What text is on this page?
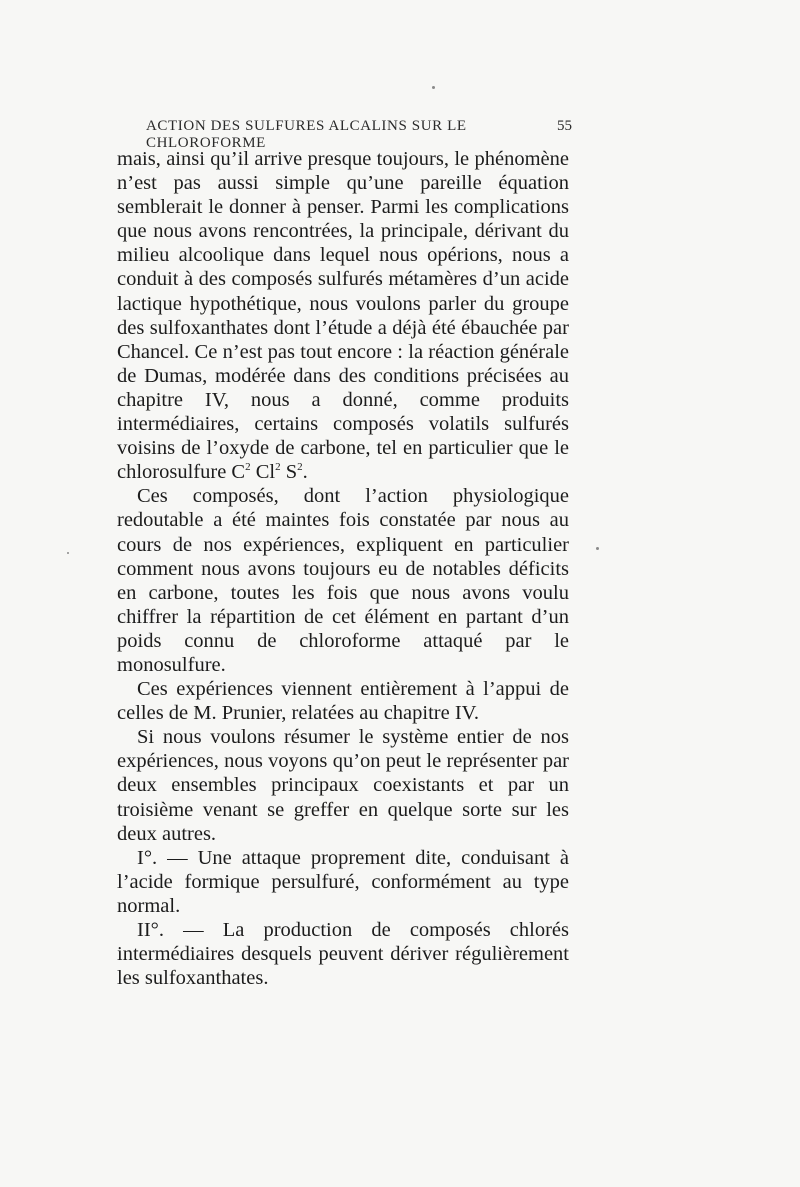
ACTION DES SULFURES ALCALINS SUR LE CHLOROFORME
55

mais, ainsi qu’il arrive presque toujours, le phénomène n’est pas aussi simple qu’une pareille équation semblerait le donner à penser. Parmi les complications que nous avons rencontrées, la principale, dérivant du milieu alcoolique dans lequel nous opérions, nous a conduit à des composés sulfurés métamères d’un acide lactique hypothétique, nous voulons parler du groupe des sulfoxanthates dont l’étude a déjà été ébauchée par Chancel. Ce n’est pas tout encore : la réaction générale de Dumas, modérée dans des conditions précisées au chapitre IV, nous a donné, comme produits intermédiaires, certains composés volatils sulfurés voisins de l’oxyde de carbone, tel en particulier que le chlorosulfure $C^2$ Cl$^2$ $S^2$.

Ces composés, dont l’action physiologique redoutable a été maintes fois constatée par nous au cours de nos expériences, expliquent en particulier comment nous avons toujours eu de notables déficits en carbone, toutes les fois que nous avons voulu chiffrer la répartition de cet élément en partant d’un poids connu de chloroforme attaqué par le monosulfure.

Ces expériences viennent entièrement à l’appui de celles de M. Prunier, relatées au chapitre IV.

Si nous voulons résumer le système entier de nos expériences, nous voyons qu’on peut le représenter par deux ensembles principaux coexistants et par un troisième venant se greffer en quelque sorte sur les deux autres.

I°. — Une attaque proprement dite, conduisant à l’acide formique persulfuré, conformément au type normal.

II°. — La production de composés chlorés intermédiaires desquels peuvent dériver régulièrement les sulfoxanthates.
